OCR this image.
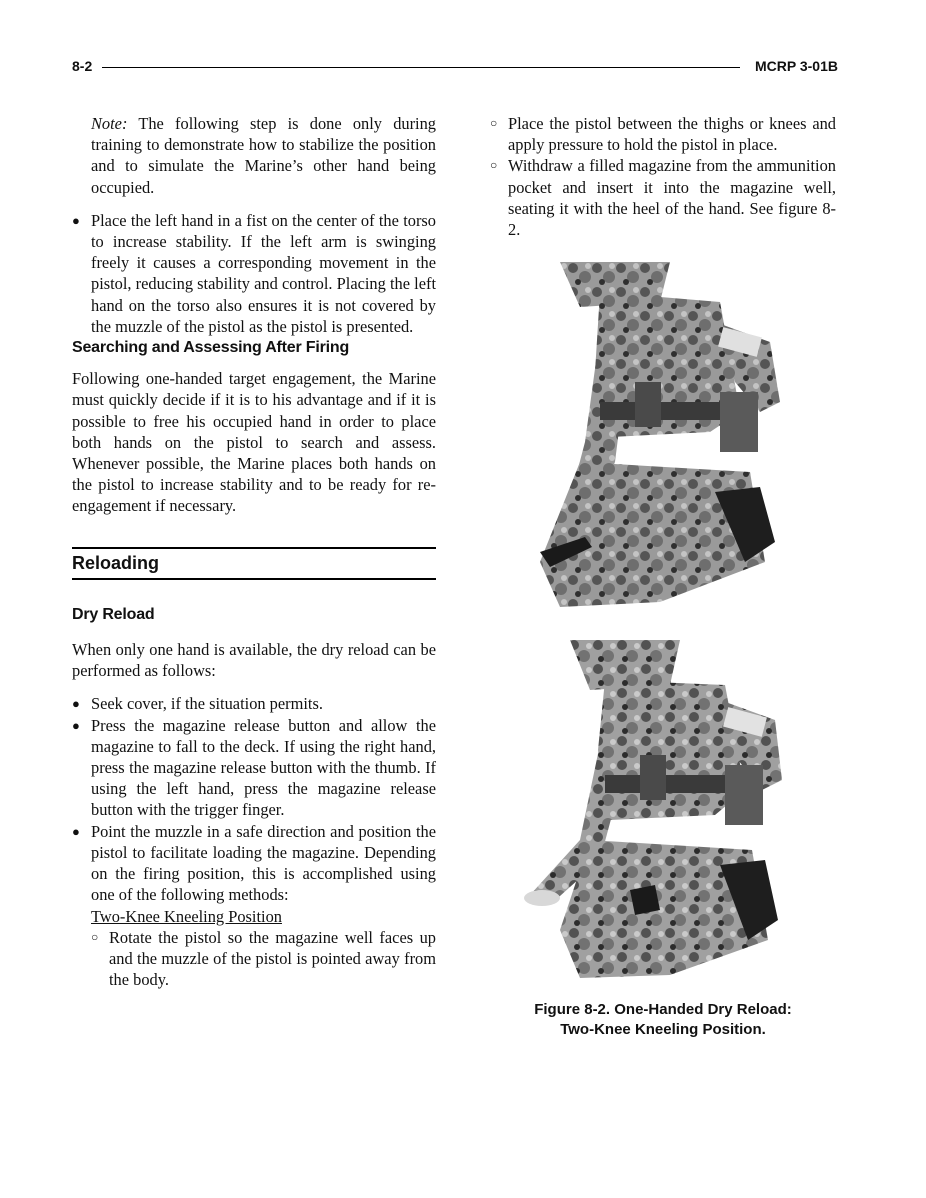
8-2	MCRP 3-01B

Note: The following step is done only during training to demonstrate how to stabilize the position and to simulate the Marine’s other hand being occupied.

● Place the left hand in a fist on the center of the torso to increase stability. If the left arm is swinging freely it causes a corresponding movement in the pistol, reducing stability and control. Placing the left hand on the torso also ensures it is not covered by the muzzle of the pistol as the pistol is presented.
Searching and Assessing After Firing

Following one-handed target engagement, the Marine must quickly decide if it is to his advantage and if it is possible to free his occupied hand in order to place both hands on the pistol to search and assess. Whenever possible, the Marine places both hands on the pistol to increase stability and to be ready for re-engagement if necessary.

Reloading
Dry Reload

When only one hand is available, the dry reload can be performed as follows:

● Seek cover, if the situation permits.
● Press the magazine release button and allow the magazine to fall to the deck. If using the right hand, press the magazine release button with the thumb. If using the left hand, press the magazine release button with the trigger finger.
● Point the muzzle in a safe direction and position the pistol to facilitate loading the magazine. Depending on the firing position, this is accomplished using one of the following methods:
Two-Knee Kneeling Position
○ Rotate the pistol so the magazine well faces up and the muzzle of the pistol is pointed away from the body.
○ Place the pistol between the thighs or knees and apply pressure to hold the pistol in place.
○ Withdraw a filled magazine from the ammunition pocket and insert it into the magazine well, seating it with the heel of the hand. See figure 8-2.
Figure 8-2. One-Handed Dry Reload:
Two-Knee Kneeling Position.
